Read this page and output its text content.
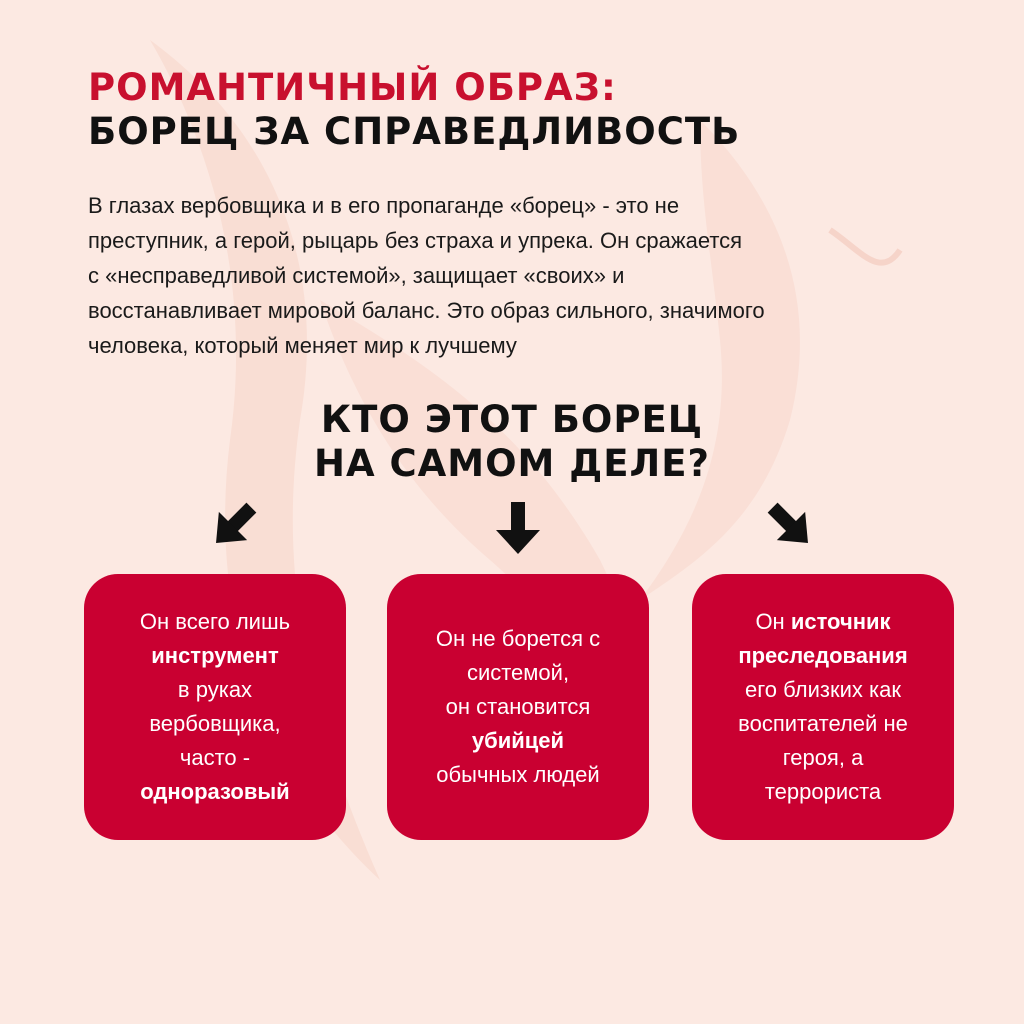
РОМАНТИЧНЫЙ ОБРАЗ:
БОРЕЦ ЗА СПРАВЕДЛИВОСТЬ
В глазах вербовщика и в его пропаганде «борец» - это не
преступник, а герой, рыцарь без страха и упрека. Он сражается
с «несправедливой системой», защищает «своих» и
восстанавливает мировой баланс. Это образ сильного, значимого
человека, который меняет мир к лучшему
КТО ЭТОТ БОРЕЦ
НА САМОМ ДЕЛЕ?
Он всего лишь
инструмент
в руках
вербовщика,
часто -
одноразовый
Он не борется с
системой,
он становится
убийцей
обычных людей
Он источник
преследования
его близких как
воспитателей не
героя, а
террориста
